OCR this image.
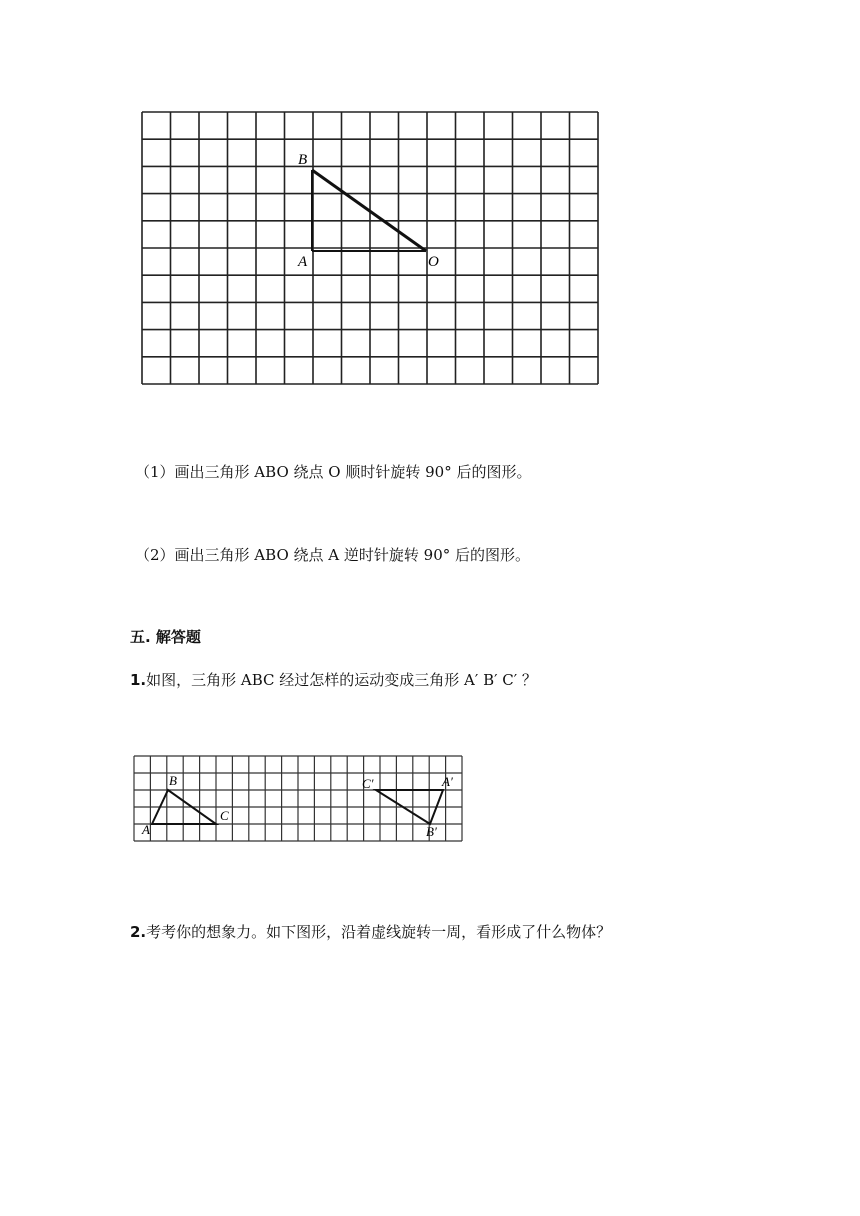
B
A	O
（1）画出三角形 ABO 绕点 O 顺时针旋转 90° 后的图形。
（2）画出三角形 ABO 绕点 A 逆时针旋转 90° 后的图形。
五. 解答题
1.如图，三角形 ABC 经过怎样的运动变成三角形 A′ B′ C′ ？
A
B
C
C′	A′
B′
2.考考你的想象力。如下图形，沿着虚线旋转一周，看形成了什么物体？
